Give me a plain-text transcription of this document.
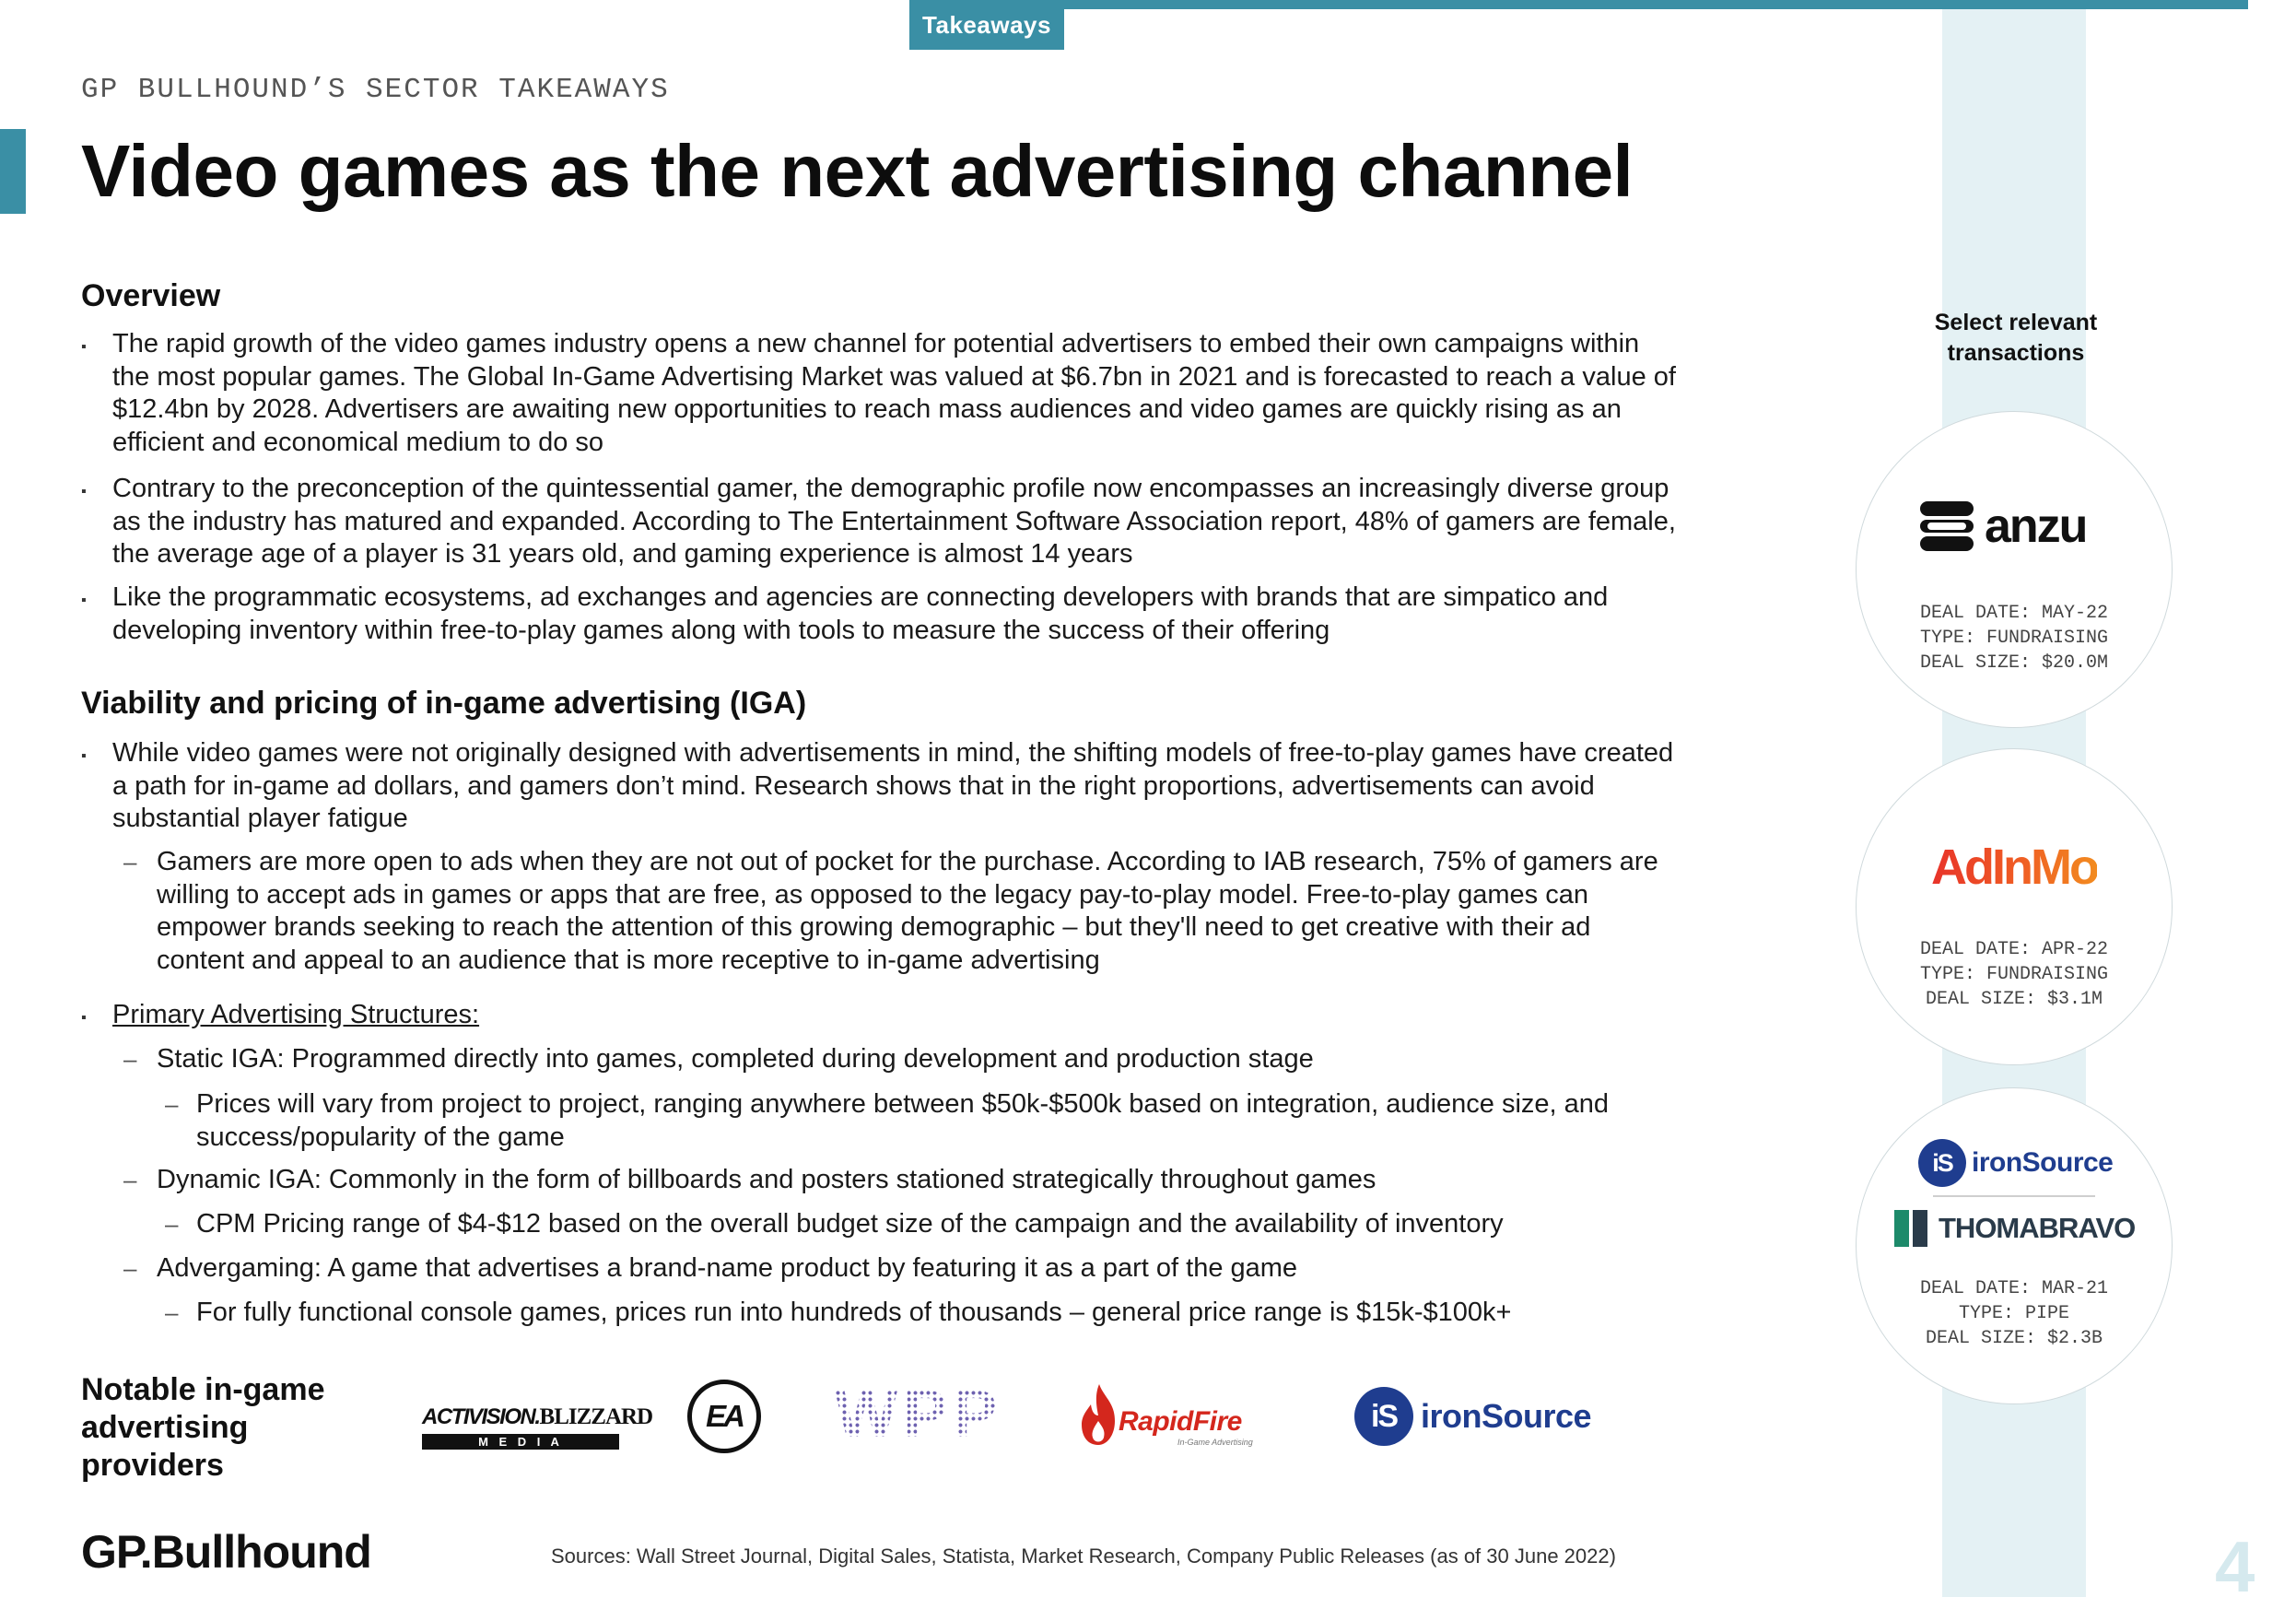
Takeaways
GP BULLHOUND’S SECTOR TAKEAWAYS
Video games as the next advertising channel
Overview
▪ The rapid growth of the video games industry opens a new channel for potential advertisers to embed their own campaigns within the most popular games. The Global In-Game Advertising Market was valued at $6.7bn in 2021 and is forecasted to reach a value of $12.4bn by 2028. Advertisers are awaiting new opportunities to reach mass audiences and video games are quickly rising as an efficient and economical medium to do so
▪ Contrary to the preconception of the quintessential gamer, the demographic profile now encompasses an increasingly diverse group as the industry has matured and expanded. According to The Entertainment Software Association report, 48% of gamers are female, the average age of a player is 31 years old, and gaming experience is almost 14 years
▪ Like the programmatic ecosystems, ad exchanges and agencies are connecting developers with brands that are simpatico and developing inventory within free-to-play games along with tools to measure the success of their offering
Viability and pricing of in-game advertising (IGA)
▪ While video games were not originally designed with advertisements in mind, the shifting models of free-to-play games have created a path for in-game ad dollars, and gamers don’t mind. Research shows that in the right proportions, advertisements can avoid substantial player fatigue
– Gamers are more open to ads when they are not out of pocket for the purchase. According to IAB research, 75% of gamers are willing to accept ads in games or apps that are free, as opposed to the legacy pay-to-play model. Free-to-play games can empower brands seeking to reach the attention of this growing demographic – but they'll need to get creative with their ad content and appeal to an audience that is more receptive to in-game advertising
▪ Primary Advertising Structures:
– Static IGA: Programmed directly into games, completed during development and production stage
– Prices will vary from project to project, ranging anywhere between $50k-$500k based on integration, audience size, and success/popularity of the game
– Dynamic IGA: Commonly in the form of billboards and posters stationed strategically throughout games
– CPM Pricing range of $4-$12 based on the overall budget size of the campaign and the availability of inventory
– Advergaming: A game that advertises a brand-name product by featuring it as a part of the game
– For fully functional console games, prices run into hundreds of thousands – general price range is $15k-$100k+
Notable in-game
advertising
providers
ACTIVISION. BLIZZARD
M E D I A
EA WPP	RapidFire
In-Game Advertising
iS ironSource
Select relevant transactions
anzu
DEAL DATE: MAY-22
TYPE: FUNDRAISING
DEAL SIZE: $20.0M
AdInMo
DEAL DATE: APR-22
TYPE: FUNDRAISING
DEAL SIZE: $3.1M
iS ironSource
THOMABRAVO
DEAL DATE: MAR-21
TYPE: PIPE
DEAL SIZE: $2.3B
GP.Bullhound	Sources: Wall Street Journal, Digital Sales, Statista, Market Research, Company Public Releases (as of 30 June 2022)	4
